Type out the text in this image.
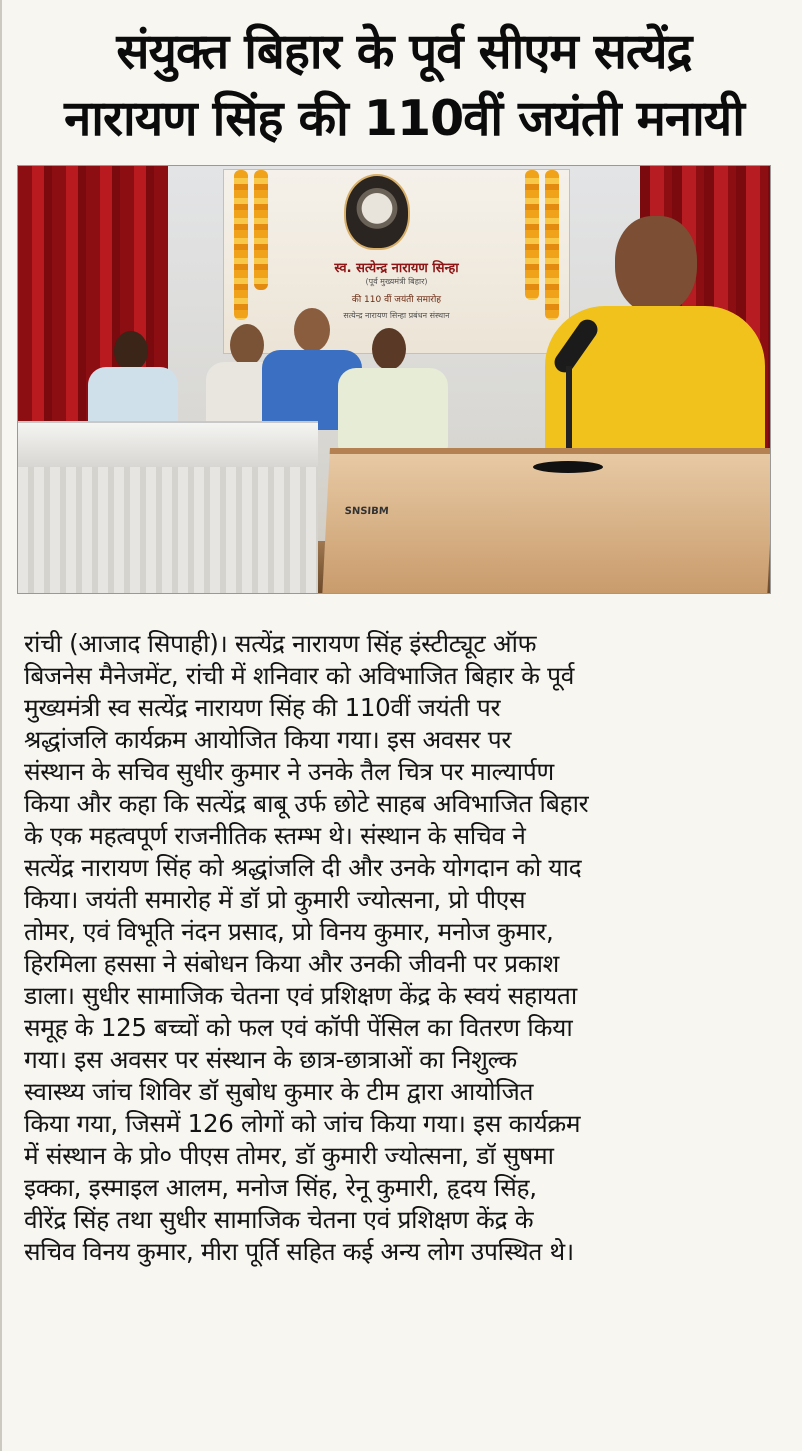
संयुक्त बिहार के पूर्व सीएम सत्येंद्र
नारायण सिंह की 110वीं जयंती मनायी
स्व. सत्येन्द्र नारायण सिन्हा
(पूर्व मुख्यमंत्री बिहार)
की 110 वीं जयंती समारोह
सत्येन्द्र नारायण सिन्हा प्रबंधन संस्थान
SNSIBM
रांची (आजाद सिपाही)। सत्येंद्र नारायण सिंह इंस्टीट्यूट ऑफ
बिजनेस मैनेजमेंट, रांची में शनिवार को अविभाजित बिहार के पूर्व
मुख्यमंत्री स्व सत्येंद्र नारायण सिंह की 110वीं जयंती पर
श्रद्धांजलि कार्यक्रम आयोजित किया गया। इस अवसर पर
संस्थान के सचिव सुधीर कुमार ने उनके तैल चित्र पर माल्यार्पण
किया और कहा कि सत्येंद्र बाबू उर्फ छोटे साहब अविभाजित बिहार
के एक महत्वपूर्ण राजनीतिक स्तम्भ थे। संस्थान के सचिव ने
सत्येंद्र नारायण सिंह को श्रद्धांजलि दी और उनके योगदान को याद
किया। जयंती समारोह में डॉ प्रो कुमारी ज्योत्सना, प्रो पीएस
तोमर, एवं विभूति नंदन प्रसाद, प्रो विनय कुमार, मनोज कुमार,
हिरमिला हससा ने संबोधन किया और उनकी जीवनी पर प्रकाश
डाला। सुधीर सामाजिक चेतना एवं प्रशिक्षण केंद्र के स्वयं सहायता
समूह के 125 बच्चों को फल एवं कॉपी पेंसिल का वितरण किया
गया। इस अवसर पर संस्थान के छात्र-छात्राओं का निशुल्क
स्वास्थ्य जांच शिविर डॉ सुबोध कुमार के टीम द्वारा आयोजित
किया गया, जिसमें 126 लोगों को जांच किया गया। इस कार्यक्रम
में संस्थान के प्रो० पीएस तोमर, डॉ कुमारी ज्योत्सना, डॉ सुषमा
इक्का, इस्माइल आलम, मनोज सिंह, रेनू कुमारी, हृदय सिंह,
वीरेंद्र सिंह तथा सुधीर सामाजिक चेतना एवं प्रशिक्षण केंद्र के
सचिव विनय कुमार, मीरा पूर्ति सहित कई अन्य लोग उपस्थित थे।
